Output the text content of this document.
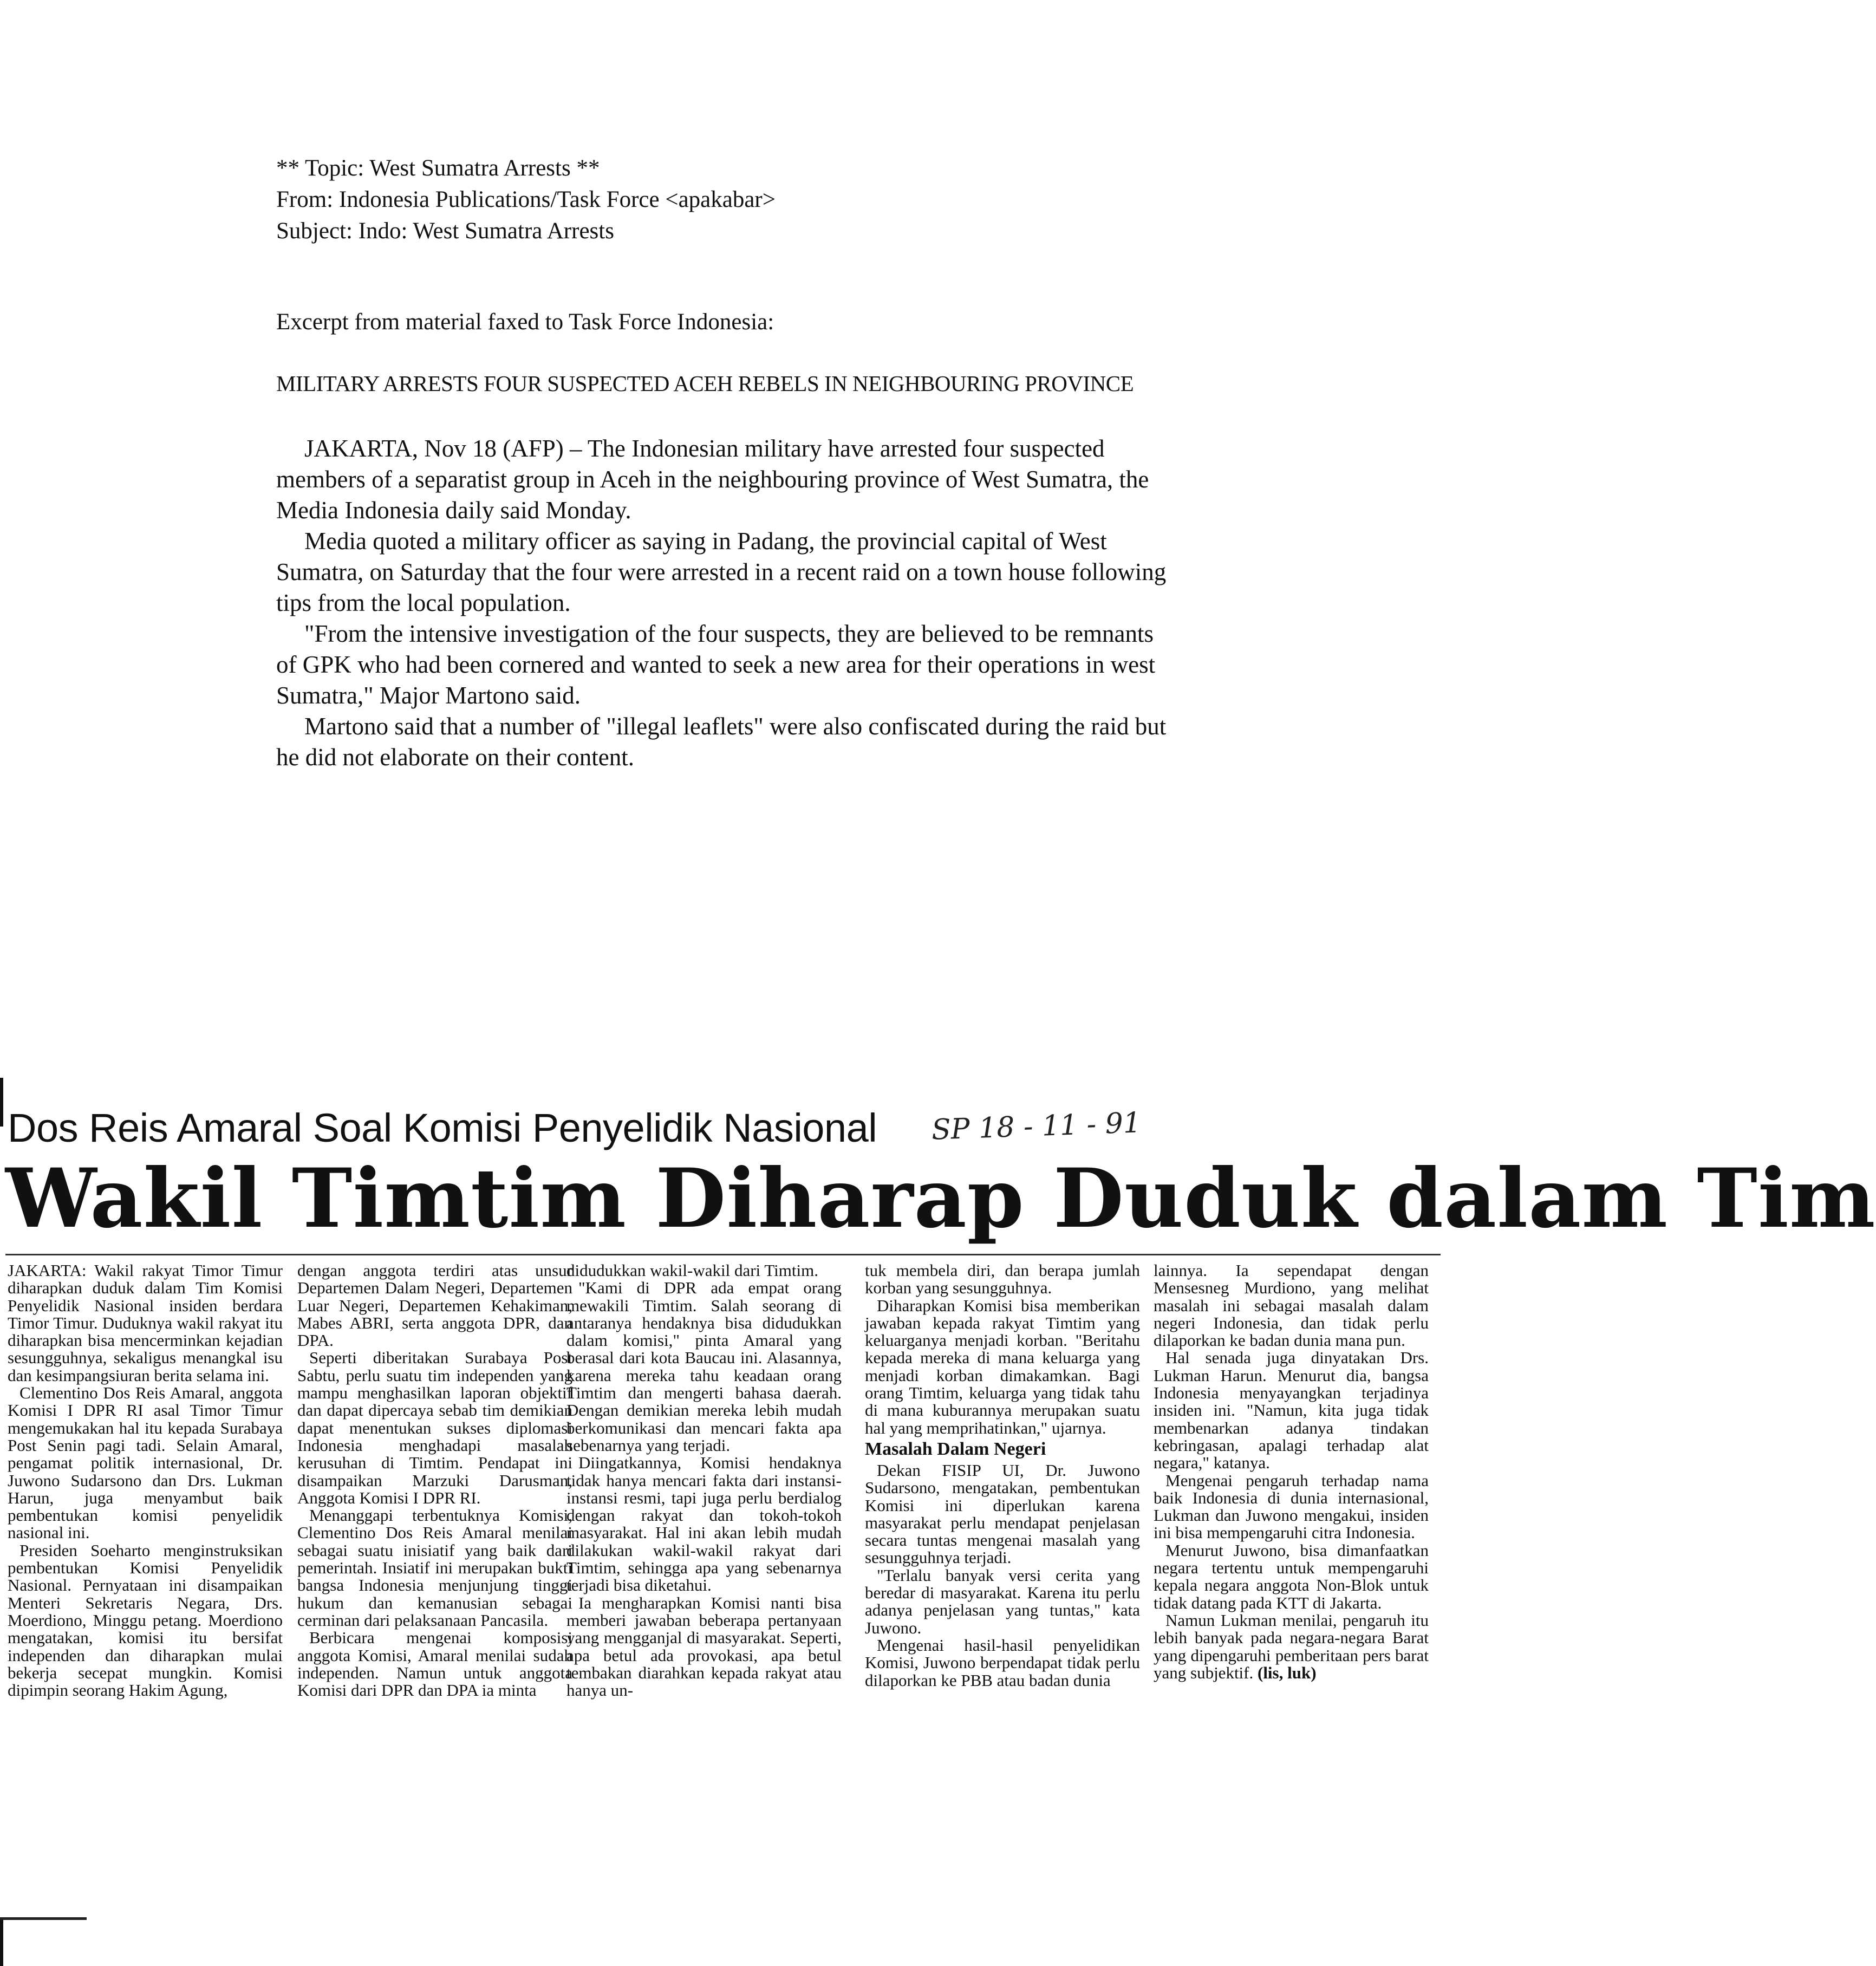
** Topic: West Sumatra Arrests **
From: Indonesia Publications/Task Force <apakabar>
Subject: Indo: West Sumatra Arrests
Excerpt from material faxed to Task Force Indonesia:
MILITARY ARRESTS FOUR SUSPECTED ACEH REBELS IN NEIGHBOURING PROVINCE

JAKARTA, Nov 18 (AFP) – The Indonesian military have arrested four suspected members of a separatist group in Aceh in the neighbouring province of West Sumatra, the Media Indonesia daily said Monday.

Media quoted a military officer as saying in Padang, the provincial capital of West Sumatra, on Saturday that the four were arrested in a recent raid on a town house following tips from the local population.

"From the intensive investigation of the four suspects, they are believed to be remnants of GPK who had been cornered and wanted to seek a new area for their operations in west Sumatra," Major Martono said.

Martono said that a number of "illegal leaflets" were also confiscated during the raid but he did not elaborate on their content.

Dos Reis Amaral Soal Komisi Penyelidik Nasional SP 18 - 11 - 91
Wakil Timtim Diharap Duduk dalam Tim

JAKARTA: Wakil rakyat Timor Timur diharapkan duduk dalam Tim Komisi Penyelidik Nasional insiden berdara Timor Timur. Duduknya wakil rakyat itu diharapkan bisa mencerminkan kejadian sesungguhnya, sekaligus menangkal isu dan kesimpangsiuran berita selama ini.

Clementino Dos Reis Amaral, anggota Komisi I DPR RI asal Timor Timur mengemukakan hal itu kepada Surabaya Post Senin pagi tadi. Selain Amaral, pengamat politik internasional, Dr. Juwono Sudarsono dan Drs. Lukman Harun, juga menyambut baik pembentukan komisi penyelidik nasional ini.

Presiden Soeharto menginstruksikan pembentukan Komisi Penyelidik Nasional. Pernyataan ini disampaikan Menteri Sekretaris Negara, Drs. Moerdiono, Minggu petang. Moerdiono mengatakan, komisi itu bersifat independen dan diharapkan mulai bekerja secepat mungkin. Komisi dipimpin seorang Hakim Agung,

dengan anggota terdiri atas unsur Departemen Dalam Negeri, Departemen Luar Negeri, Departemen Kehakiman, Mabes ABRI, serta anggota DPR, dan DPA.

Seperti diberitakan Surabaya Post Sabtu, perlu suatu tim independen yang mampu menghasilkan laporan objektif dan dapat dipercaya sebab tim demikian dapat menentukan sukses diplomasi Indonesia menghadapi masalah kerusuhan di Timtim. Pendapat ini disampaikan Marzuki Darusman, Anggota Komisi I DPR RI.

Menanggapi terbentuknya Komisi, Clementino Dos Reis Amaral menilai sebagai suatu inisiatif yang baik dari pemerintah. Insiatif ini merupakan bukti bangsa Indonesia menjunjung tinggi hukum dan kemanusian sebagai cerminan dari pelaksanaan Pancasila.

Berbicara mengenai komposisi anggota Komisi, Amaral menilai sudah independen. Namun untuk anggota Komisi dari DPR dan DPA ia minta

didudukkan wakil-wakil dari Timtim.

"Kami di DPR ada empat orang mewakili Timtim. Salah seorang di antaranya hendaknya bisa didudukkan dalam komisi," pinta Amaral yang berasal dari kota Baucau ini. Alasannya, karena mereka tahu keadaan orang Timtim dan mengerti bahasa daerah. Dengan demikian mereka lebih mudah berkomunikasi dan mencari fakta apa sebenarnya yang terjadi.

Diingatkannya, Komisi hendaknya tidak hanya mencari fakta dari instansi-instansi resmi, tapi juga perlu berdialog dengan rakyat dan tokoh-tokoh masyarakat. Hal ini akan lebih mudah dilakukan wakil-wakil rakyat dari Timtim, sehingga apa yang sebenarnya terjadi bisa diketahui.

Ia mengharapkan Komisi nanti bisa memberi jawaban beberapa pertanyaan yang mengganjal di masyarakat. Seperti, apa betul ada provokasi, apa betul tembakan diarahkan kepada rakyat atau hanya un-

tuk membela diri, dan berapa jumlah korban yang sesungguhnya.

Diharapkan Komisi bisa memberikan jawaban kepada rakyat Timtim yang keluarganya menjadi korban. "Beritahu kepada mereka di mana keluarga yang menjadi korban dimakamkan. Bagi orang Timtim, keluarga yang tidak tahu di mana kuburannya merupakan suatu hal yang memprihatinkan," ujarnya.

Masalah Dalam Negeri

Dekan FISIP UI, Dr. Juwono Sudarsono, mengatakan, pembentukan Komisi ini diperlukan karena masyarakat perlu mendapat penjelasan secara tuntas mengenai masalah yang sesungguhnya terjadi.

"Terlalu banyak versi cerita yang beredar di masyarakat. Karena itu perlu adanya penjelasan yang tuntas," kata Juwono.

Mengenai hasil-hasil penyelidikan Komisi, Juwono berpendapat tidak perlu dilaporkan ke PBB atau badan dunia

lainnya. Ia sependapat dengan Mensesneg Murdiono, yang melihat masalah ini sebagai masalah dalam negeri Indonesia, dan tidak perlu dilaporkan ke badan dunia mana pun.

Hal senada juga dinyatakan Drs. Lukman Harun. Menurut dia, bangsa Indonesia menyayangkan terjadinya insiden ini. "Namun, kita juga tidak membenarkan adanya tindakan kebringasan, apalagi terhadap alat negara," katanya.

Mengenai pengaruh terhadap nama baik Indonesia di dunia internasional, Lukman dan Juwono mengakui, insiden ini bisa mempengaruhi citra Indonesia.

Menurut Juwono, bisa dimanfaatkan negara tertentu untuk mempengaruhi kepala negara anggota Non-Blok untuk tidak datang pada KTT di Jakarta.

Namun Lukman menilai, pengaruh itu lebih banyak pada negara-negara Barat yang dipengaruhi pemberitaan pers barat yang subjektif. (lis, luk)
